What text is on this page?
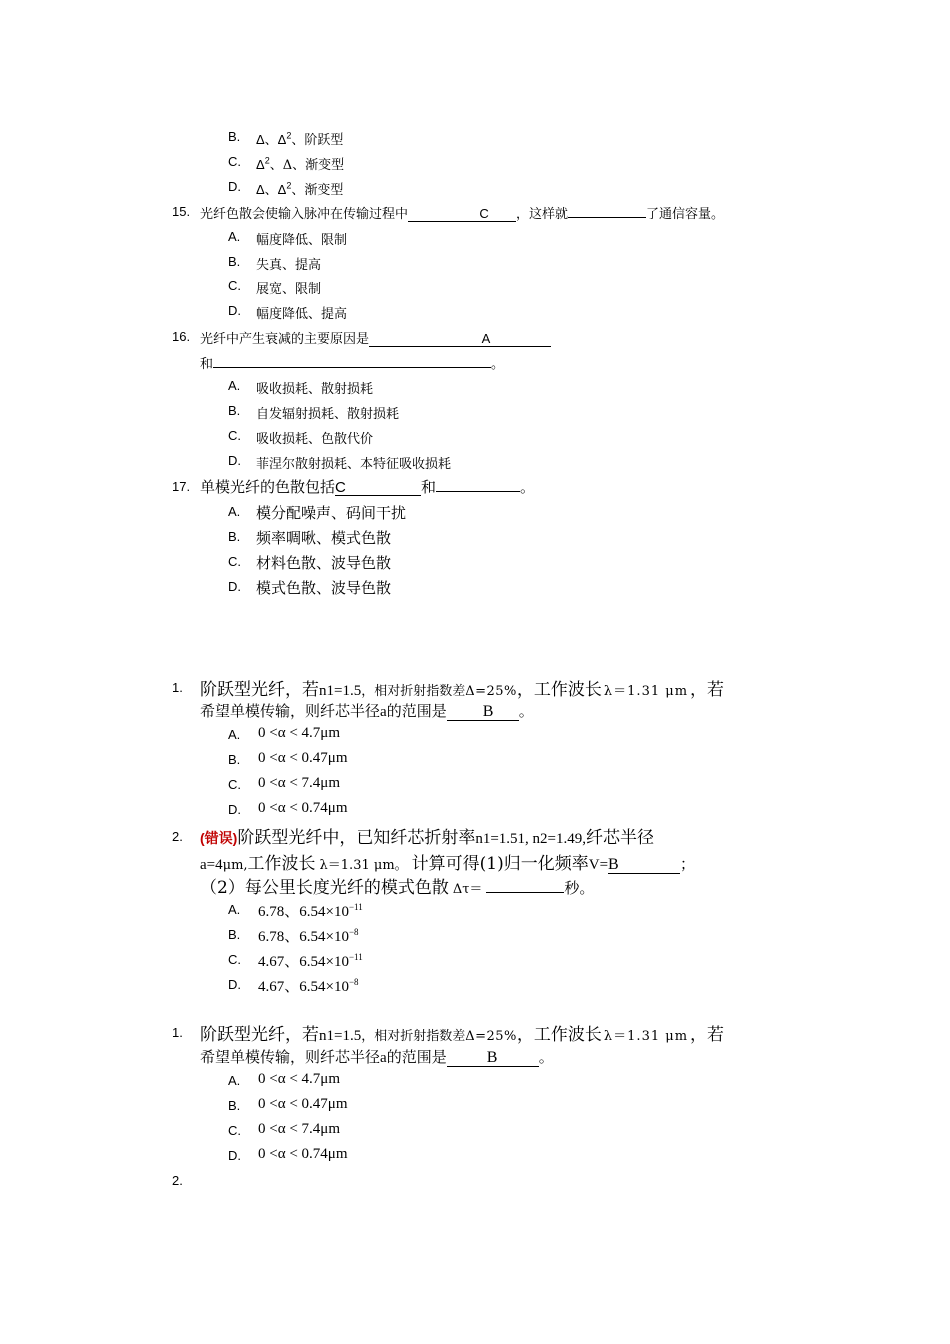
B. Δ、$\Delta^2$、阶跃型
C. $\Delta^2$、Δ、渐变型
D. Δ、$\Delta^2$、渐变型
15. 光纤色散会使输入脉冲在传输过程中	C ，这样就	了通信容量。
A. 幅度降低、限制
B. 失真、提高
C. 展宽、限制
D. 幅度降低、提高
16. 光纤中产生衰减的主要原因是	A
和	。
A. 吸收损耗、散射损耗
B. 自发辐射损耗、散射损耗
C. 吸收损耗、色散代价
D. 菲涅尔散射损耗、本特征吸收损耗
17. 单模光纤的色散包括C	和	。
A. 模分配噪声、码间干扰
B. 频率啁啾、模式色散
C. 材料色散、波导色散
D. 模式色散、波导色散
1. 阶跃型光纤，若n1=1.5，相对折射指数差Δ=25%，工作波长 λ＝1.31 μm ，若
希望单模传输，则纤芯半径a的范围是 B 。
A. 0 <α < 4.7μm
B. 0 <α < 0.47μm
C. 0 <α < 7.4μm
D. 0 <α < 0.74μm
2. (错误)阶跃型光纤中，已知纤芯折射率n1=1.51, n2=1.49,纤芯半径
a=4μm,工作波长 λ＝1.31 μm。 计算可得(1)归一化频率V=B	；
（2）每公里长度光纤的模式色散 Δτ＝	秒。
A. 6.78、$6.54\times 10^{-11}$
B. 6.78、$6.54\times 10^{-8}$
C. 4.67、$6.54\times 10^{-11}$
D. 4.67、$6.54\times 10^{-8}$
1. 阶跃型光纤，若n1=1.5，相对折射指数差Δ=25%，工作波长 λ＝1.31 μm ，若
希望单模传输，则纤芯半径a的范围是	B	。
A. 0 <α < 4.7μm
B. 0 <α < 0.47μm
C. 0 <α < 7.4μm
D. 0 <α < 0.74μm
2.
